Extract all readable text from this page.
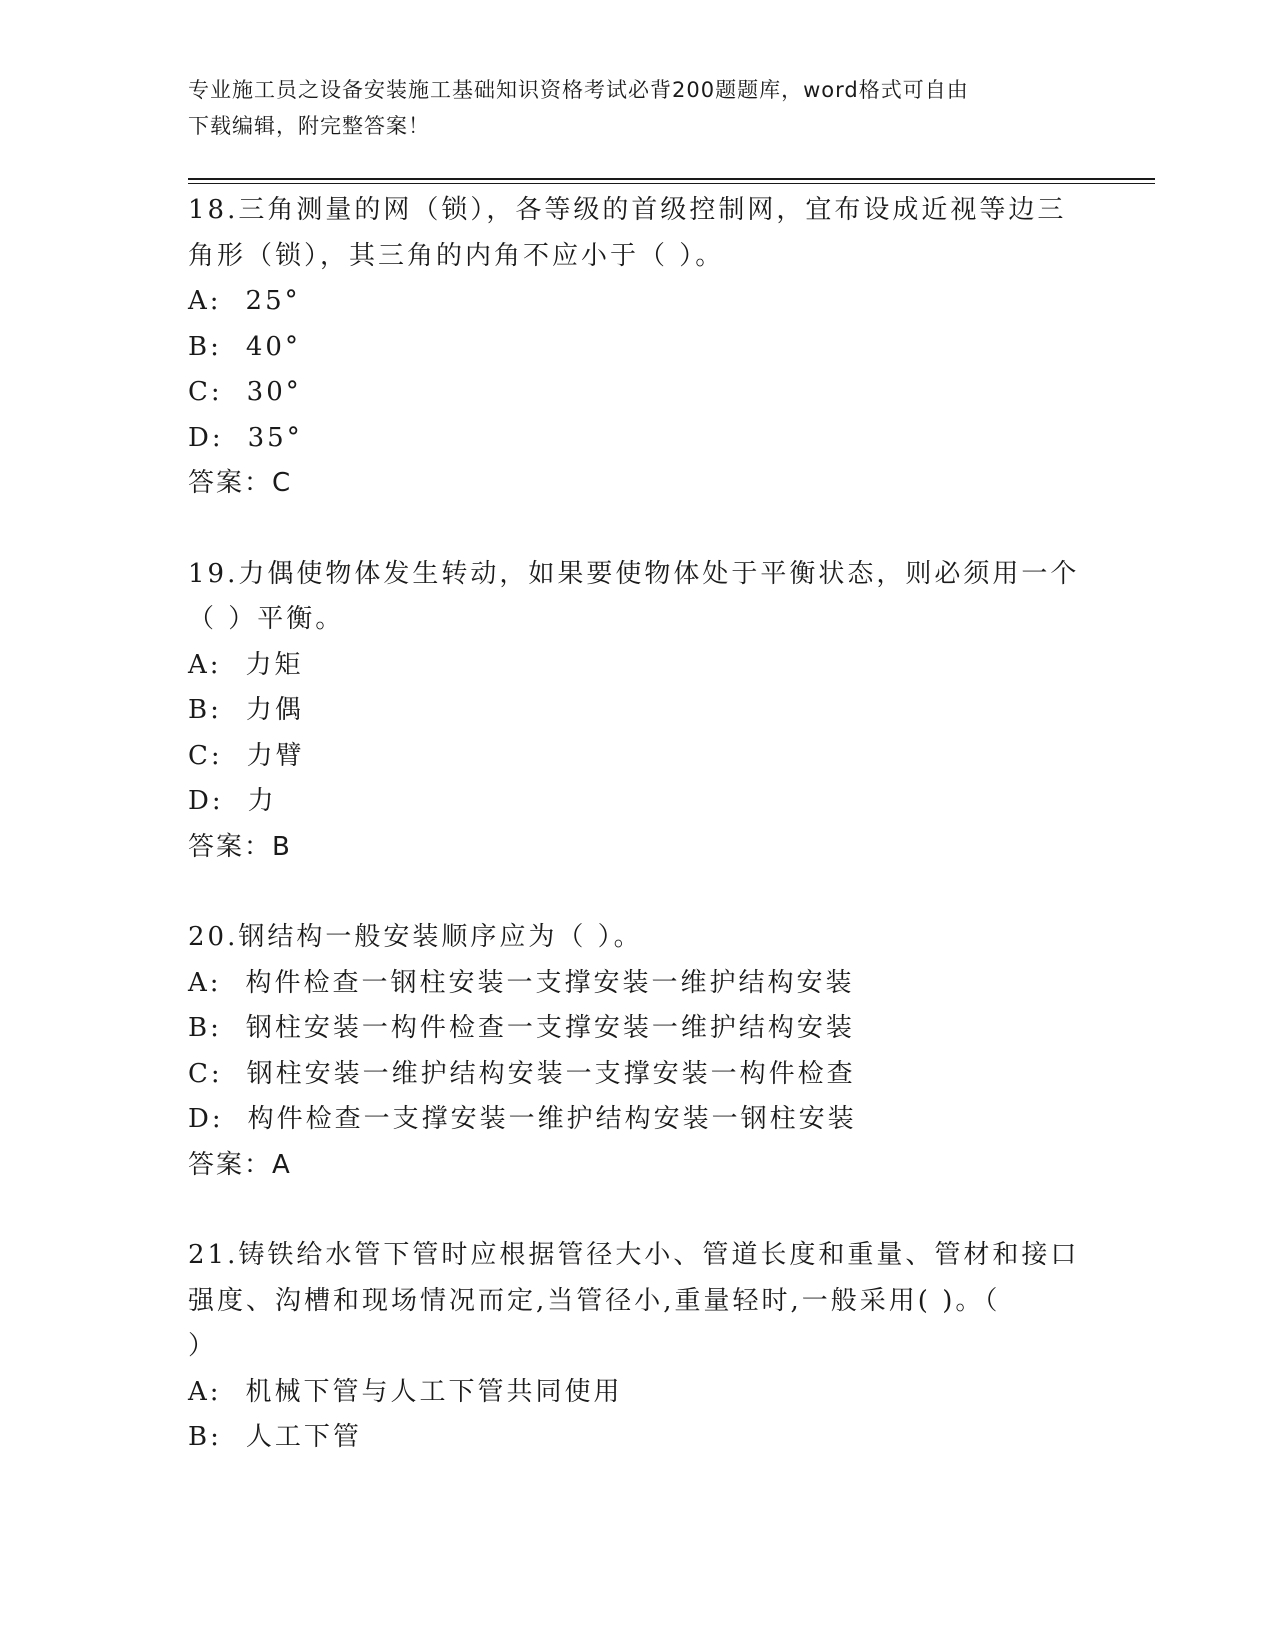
专业施工员之设备安装施工基础知识资格考试必背200题题库，word格式可自由
下载编辑，附完整答案！

18.三角测量的网（锁），各等级的首级控制网，宜布设成近视等边三
角形（锁），其三角的内角不应小于（ ）。

A: 25°

B: 40°

C: 30°

D: 35°

答案：C

19.力偶使物体发生转动，如果要使物体处于平衡状态，则必须用一个
（ ）平衡。

A: 力矩

B: 力偶

C: 力臂

D: 力

答案：B

20.钢结构一般安装顺序应为（ ）。

A: 构件检查一钢柱安装一支撑安装一维护结构安装

B: 钢柱安装一构件检查一支撑安装一维护结构安装

C: 钢柱安装一维护结构安装一支撑安装一构件检查

D: 构件检查一支撑安装一维护结构安装一钢柱安装

答案：A

21.铸铁给水管下管时应根据管径大小、管道长度和重量、管材和接口
强度、沟槽和现场情况而定,当管径小,重量轻时,一般采用( )。（
）

A: 机械下管与人工下管共同使用

B: 人工下管
